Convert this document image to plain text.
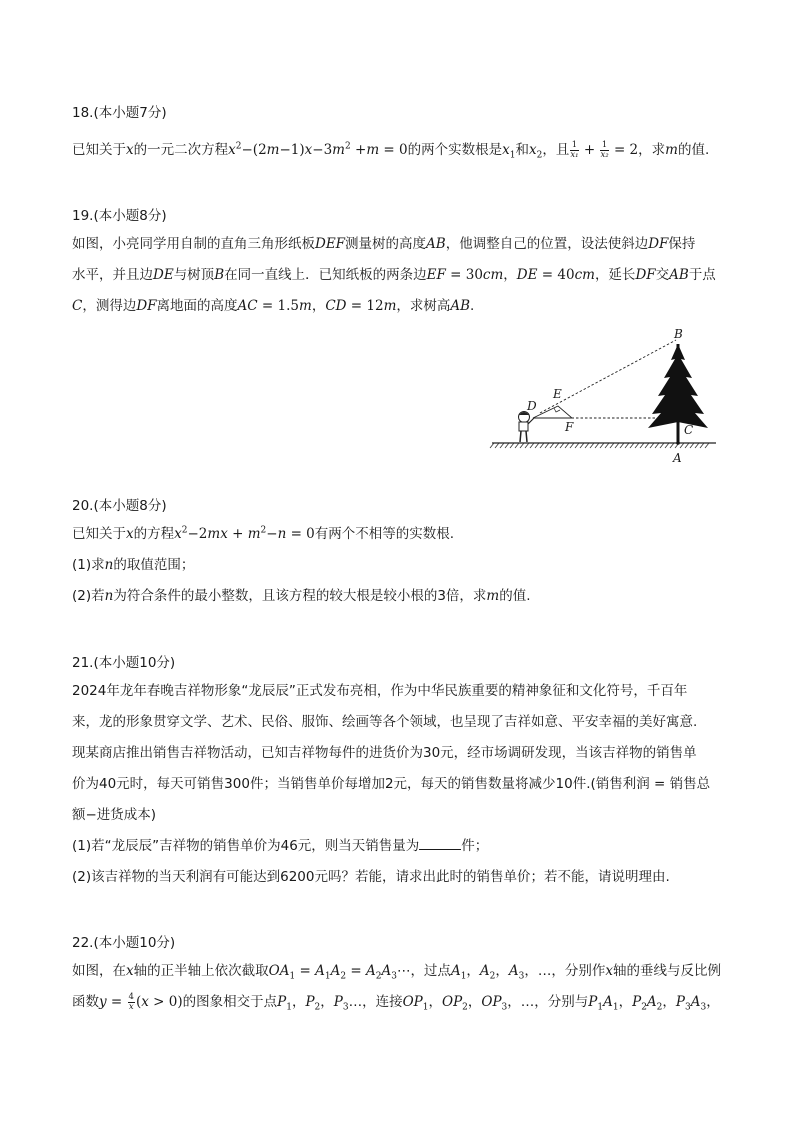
18.(本小题7分)
已知关于x的一元二次方程$x^2-(2m-1)x-3m^2 +m = 0$的两个实数根是$x_1$和$x_2$，且 $\frac{1}{\text{x₁}} + \frac{1}{\text{x₂}} = 2$，求m的值.
19.(本小题8分)
如图，小亮同学用自制的直角三角形纸板DEF测量树的高度AB，他调整自己的位置，设法使斜边DF保持
水平，并且边DE与树顶B在同一直线上．已知纸板的两条边EF = 30cm，DE = 40cm，延长DF交AB于点
C，测得边DF离地面的高度AC = 1.5m，CD = 12m，求树高AB.
B
E
D
F	C
A
20.(本小题8分)
已知关于x的方程$x^2-2mx + m^2-n = 0$有两个不相等的实数根.
(1)求n的取值范围；
(2)若n为符合条件的最小整数，且该方程的较大根是较小根的3倍，求m的值.
21.(本小题10分)
2024年龙年春晚吉祥物形象“龙辰辰”正式发布亮相，作为中华民族重要的精神象征和文化符号，千百年
来，龙的形象贯穿文学、艺术、民俗、服饰、绘画等各个领域，也呈现了吉祥如意、平安幸福的美好寓意.
现某商店推出销售吉祥物活动，已知吉祥物每件的进货价为30元，经市场调研发现，当该吉祥物的销售单
价为40元时，每天可销售300件；当销售单价每增加2元，每天的销售数量将减少10件.(销售利润 = 销售总
额−进货成本)
(1)若“龙辰辰”吉祥物的销售单价为46元，则当天销售量为	件；
(2)该吉祥物的当天利润有可能达到6200元吗？若能，请求出此时的销售单价；若不能，请说明理由.
22.(本小题10分)
如图，在x轴的正半轴上依次截取$OA_1 = A_1A_2$ = $A_2A_3\cdots$，过点$A_1$，$A_2$，$A_3$，…，分别作x轴的垂线与反比例
函数$y = \frac{4}{x} (x > 0)$的图象相交于点$P_1$，$P_2$，$P_3\dots$，连接$OP_1$，$OP_2$，$OP_3$，…，分别与$P_1A_1$，$P_2A_2$，$P_3A_3$，
